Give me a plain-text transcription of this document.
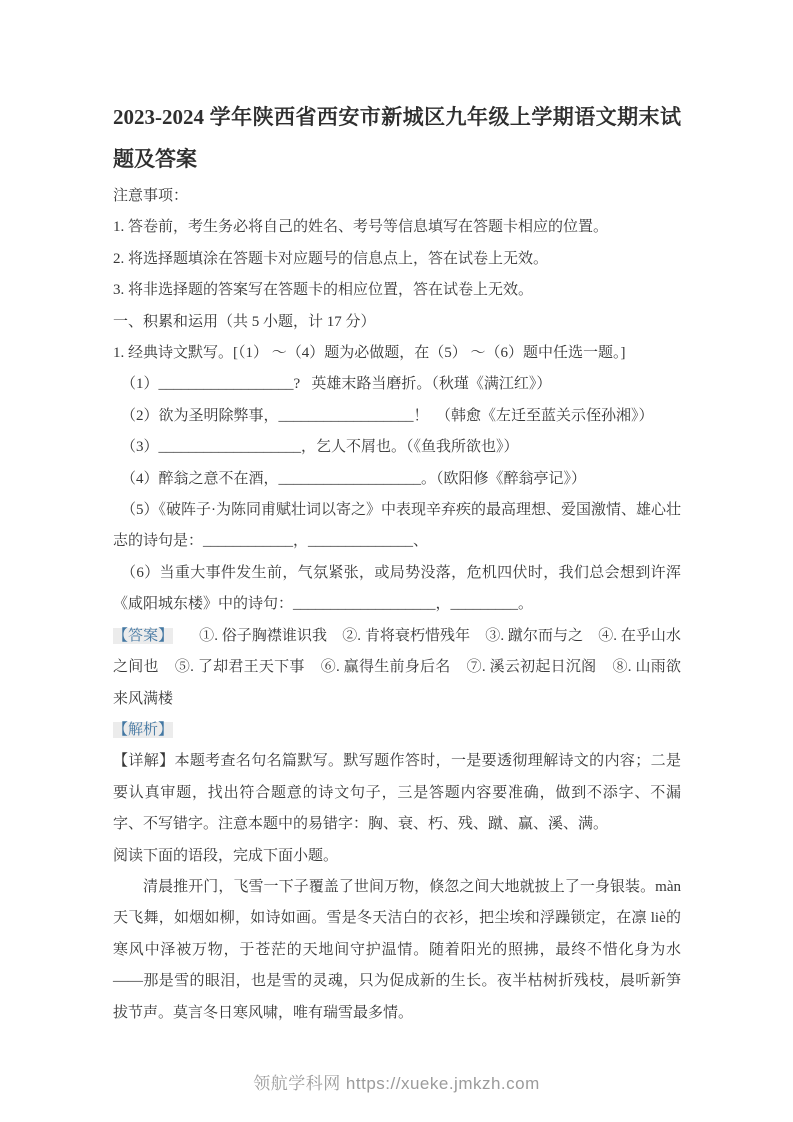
2023-2024 学年陕西省西安市新城区九年级上学期语文期末试题及答案

注意事项：

1. 答卷前，考生务必将自己的姓名、考号等信息填写在答题卡相应的位置。

2. 将选择题填涂在答题卡对应题号的信息点上，答在试卷上无效。

3. 将非选择题的答案写在答题卡的相应位置，答在试卷上无效。

一、积累和运用（共 5 小题，计 17 分）

1. 经典诗文默写。[（1） ～（4）题为必做题，在（5） ～（6）题中任选一题。]

（1）__________________?   英雄末路当磨折。（秋瑾《满江红》）

（2）欲为圣明除弊事，__________________！  （韩愈《左迁至蓝关示侄孙湘》）

（3）___________________，乞人不屑也。（《鱼我所欲也》）

（4）醉翁之意不在酒，___________________。（欧阳修《醉翁亭记》）

（5）《破阵子·为陈同甫赋壮词以寄之》中表现辛弃疾的最高理想、爱国激情、雄心壮志的诗句是：____________，______________、

（6）当重大事件发生前，气氛紧张，或局势没落，危机四伏时，我们总会想到许浑《咸阳城东楼》中的诗句：___________________，_________。

【答案】 ①. 俗子胸襟谁识我    ②. 肯将衰朽惜残年    ③. 蹴尔而与之    ④. 在乎山水之间也    ⑤. 了却君王天下事    ⑥. 赢得生前身后名    ⑦. 溪云初起日沉阁    ⑧. 山雨欲来风满楼

【解析】

【详解】本题考查名句名篇默写。默写题作答时，一是要透彻理解诗文的内容；二是要认真审题，找出符合题意的诗文句子，三是答题内容要准确，做到不添字、不漏字、不写错字。注意本题中的易错字：胸、衰、朽、残、蹴、赢、溪、满。

阅读下面的语段，完成下面小题。

清晨推开门，飞雪一下子覆盖了世间万物，倏忽之间大地就披上了一身银装。màn 天飞舞，如烟如柳，如诗如画。雪是冬天洁白的衣衫，把尘埃和浮躁锁定，在凛 liè的寒风中泽被万物，于苍茫的天地间守护温情。随着阳光的照拂，最终不惜化身为水——那是雪的眼泪，也是雪的灵魂，只为促成新的生长。夜半枯树折残枝，晨听新笋拔节声。莫言冬日寒风啸，唯有瑞雪最多情。

领航学科网 https://xueke.jmkzh.com
